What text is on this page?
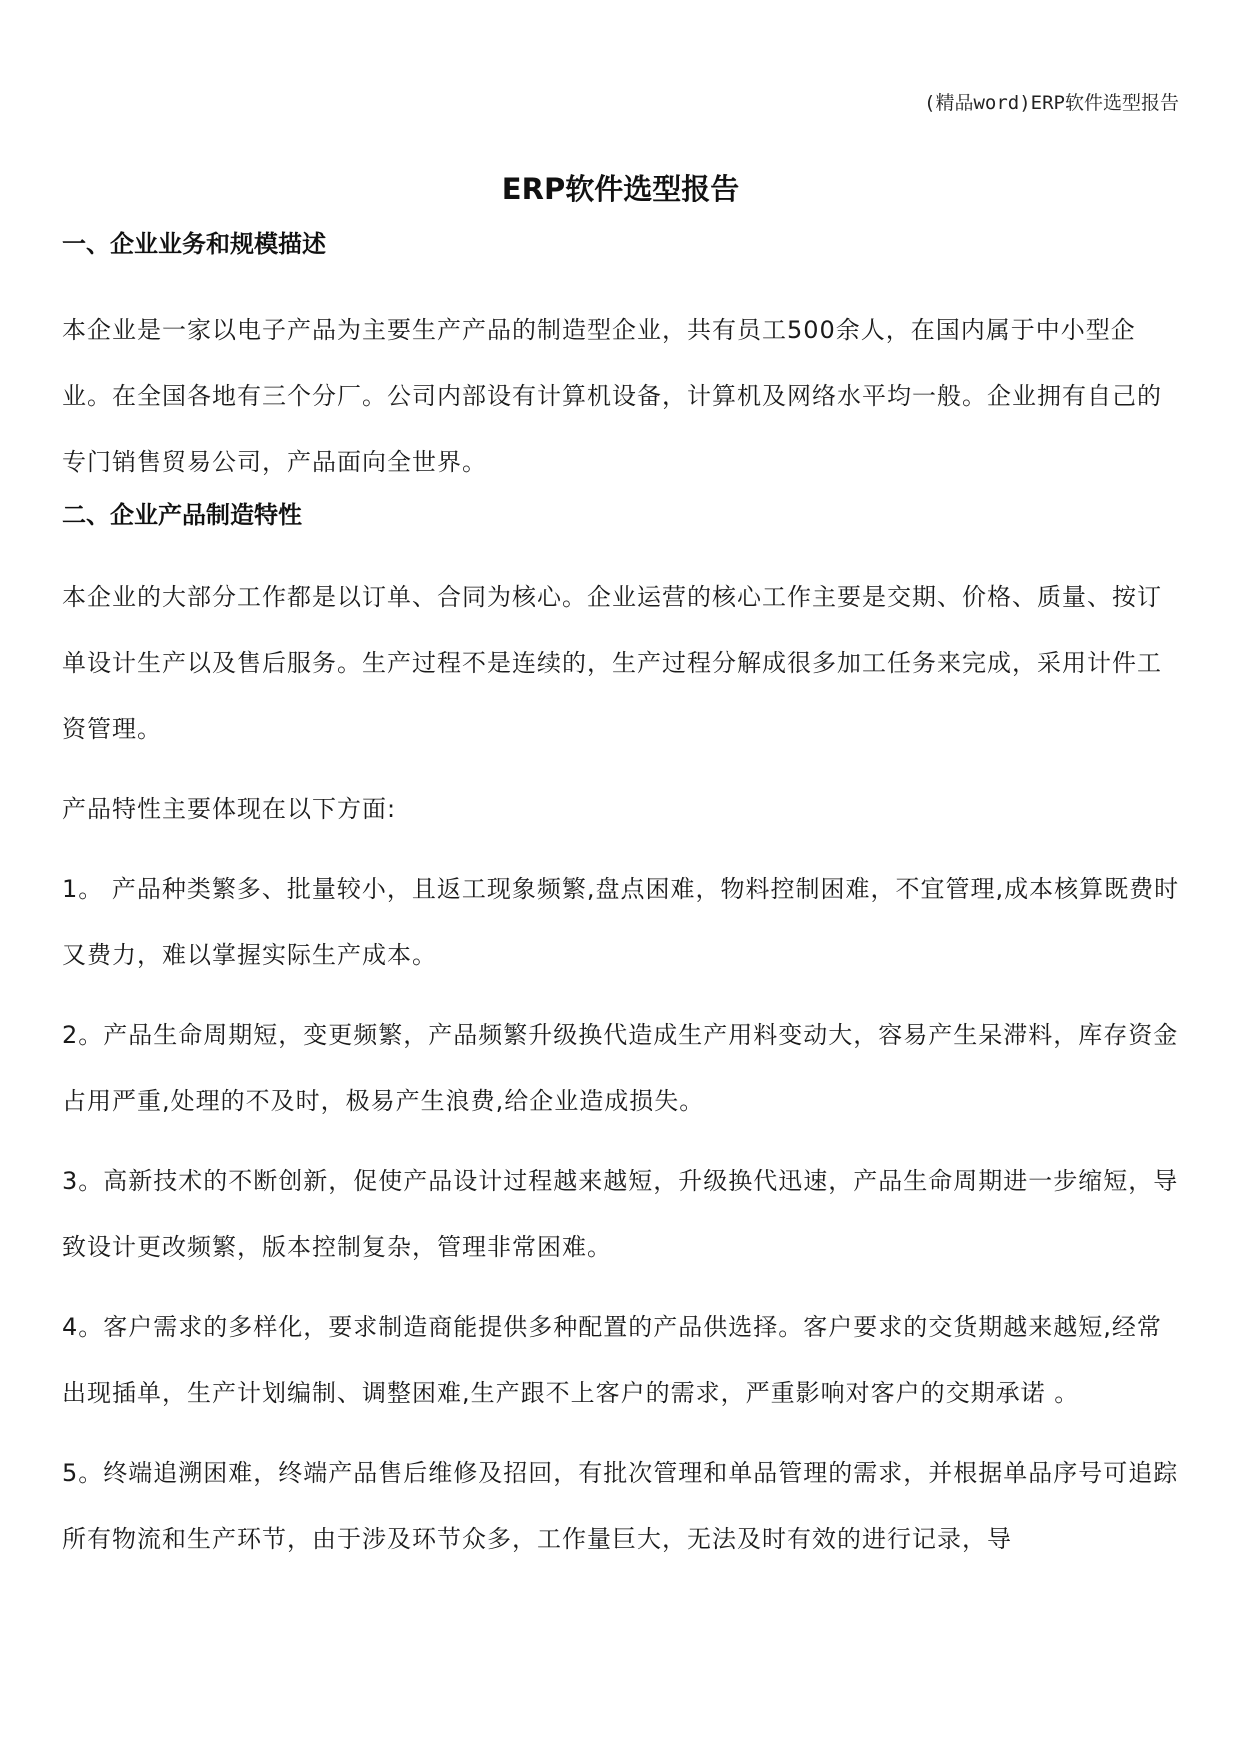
(精品word)ERP软件选型报告
ERP软件选型报告
一、企业业务和规模描述

本企业是一家以电子产品为主要生产产品的制造型企业，共有员工500余人，在国内属于中小型企业。在全国各地有三个分厂。公司内部设有计算机设备，计算机及网络水平均一般。企业拥有自己的专门销售贸易公司，产品面向全世界。

二、企业产品制造特性

本企业的大部分工作都是以订单、合同为核心。企业运营的核心工作主要是交期、价格、质量、按订单设计生产以及售后服务。生产过程不是连续的，生产过程分解成很多加工任务来完成，采用计件工资管理。

产品特性主要体现在以下方面:

1。 产品种类繁多、批量较小，且返工现象频繁,盘点困难，物料控制困难，不宜管理,成本核算既费时又费力，难以掌握实际生产成本。

2。产品生命周期短，变更频繁，产品频繁升级换代造成生产用料变动大，容易产生呆滞料，库存资金占用严重,处理的不及时，极易产生浪费,给企业造成损失。

3。高新技术的不断创新，促使产品设计过程越来越短，升级换代迅速，产品生命周期进一步缩短，导致设计更改频繁，版本控制复杂，管理非常困难。

4。客户需求的多样化，要求制造商能提供多种配置的产品供选择。客户要求的交货期越来越短,经常出现插单，生产计划编制、调整困难,生产跟不上客户的需求，严重影响对客户的交期承诺 。

5。终端追溯困难，终端产品售后维修及招回，有批次管理和单品管理的需求，并根据单品序号可追踪所有物流和生产环节，由于涉及环节众多，工作量巨大，无法及时有效的进行记录，导
